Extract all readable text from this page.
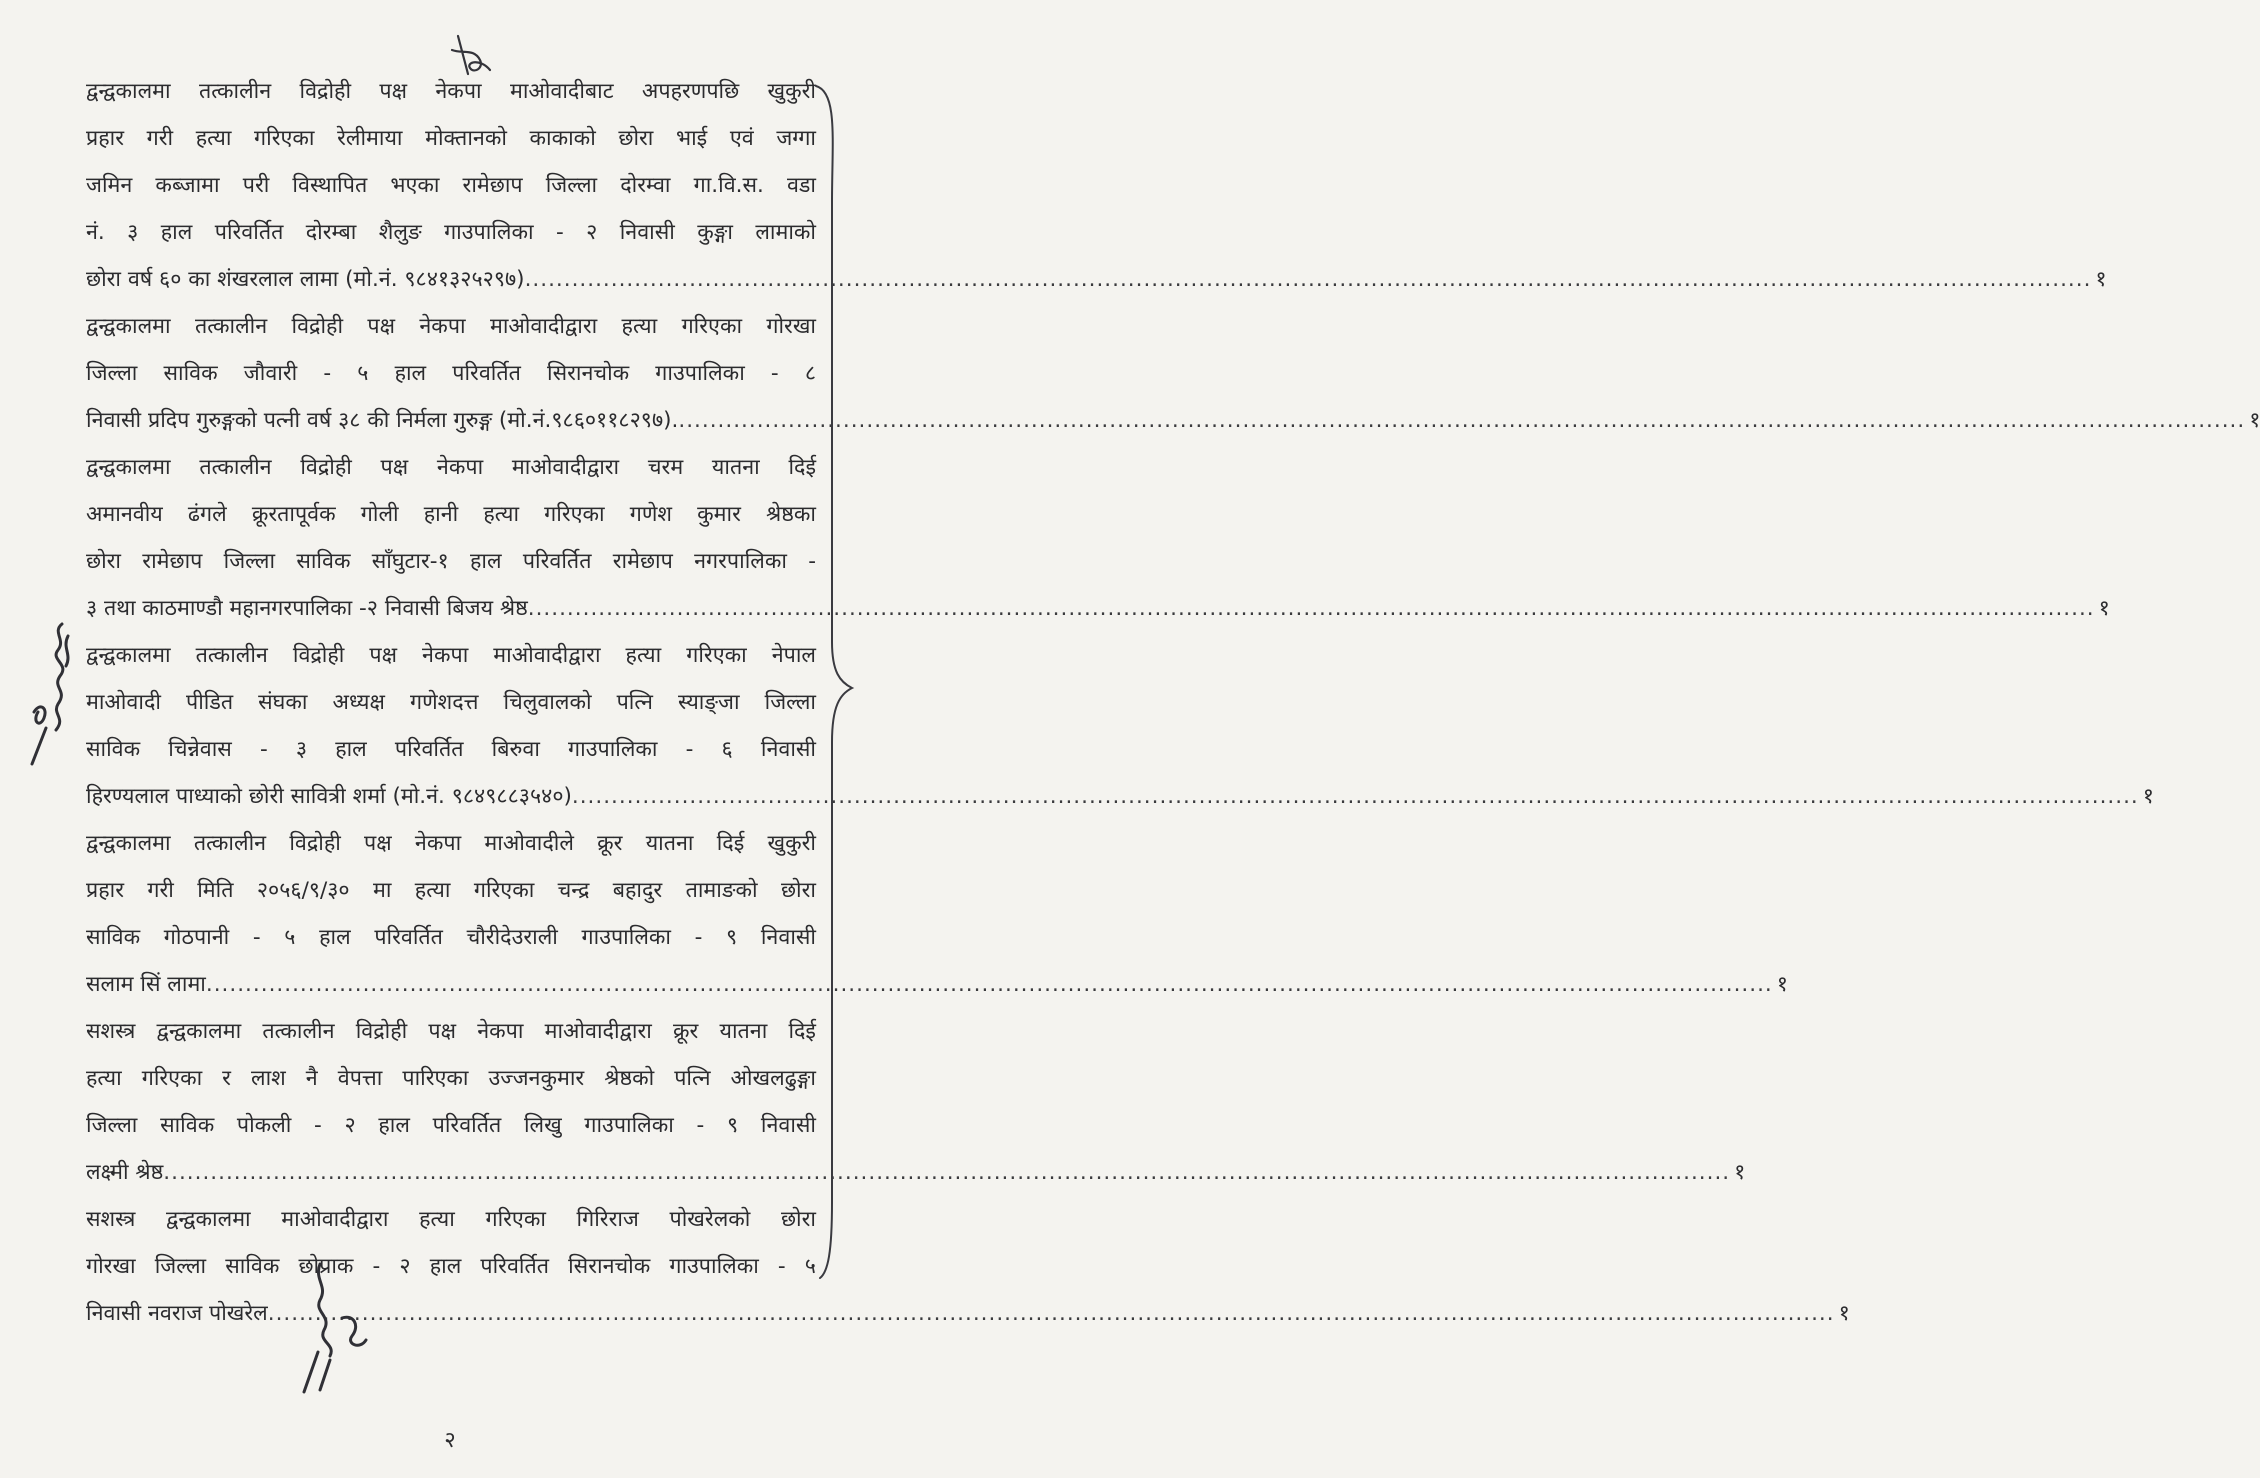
द्वन्द्वकालमा तत्कालीन विद्रोही पक्ष नेकपा माओवादीबाट अपहरणपछि खुकुरी
प्रहार गरी हत्या गरिएका रेलीमाया मोक्तानको काकाको छोरा भाई एवं जग्गा
जमिन कब्जामा परी विस्थापित भएका रामेछाप जिल्ला दोरम्वा गा.वि.स. वडा
नं. ३ हाल परिवर्तित दोरम्बा शैलुङ गाउपालिका - २ निवासी कुङ्गा लामाको
छोरा वर्ष ६० का शंखरलाल लामा (मो.नं. ९८४१३२५२९७) ........................................................................................................................................................................................................ १
द्वन्द्वकालमा तत्कालीन विद्रोही पक्ष नेकपा माओवादीद्वारा हत्या गरिएका गोरखा
जिल्ला साविक जौवारी - ५ हाल परिवर्तित सिरानचोक गाउपालिका - ८
निवासी प्रदिप गुरुङ्गको पत्नी वर्ष ३८ की निर्मला गुरुङ्ग (मो.नं.९८६०११८२९७). ........................................................................................................................................................................................................ १
द्वन्द्वकालमा तत्कालीन विद्रोही पक्ष नेकपा माओवादीद्वारा चरम यातना दिई
अमानवीय ढंगले क्रूरतापूर्वक गोली हानी हत्या गरिएका गणेश कुमार श्रेष्ठका
छोरा रामेछाप जिल्ला साविक साँघुटार-१ हाल परिवर्तित रामेछाप नगरपालिका -
३ तथा काठमाण्डौ महानगरपालिका -२ निवासी बिजय श्रेष्ठ ........................................................................................................................................................................................................ १
द्वन्द्वकालमा तत्कालीन विद्रोही पक्ष नेकपा माओवादीद्वारा हत्या गरिएका नेपाल
माओवादी पीडित संघका अध्यक्ष गणेशदत्त चिलुवालको पत्नि स्याङ्जा जिल्ला
साविक चिन्नेवास - ३ हाल परिवर्तित बिरुवा गाउपालिका - ६ निवासी
हिरण्यलाल पाध्याको छोरी सावित्री शर्मा (मो.नं. ९८४९८८३५४०) ........................................................................................................................................................................................................ १
द्वन्द्वकालमा तत्कालीन विद्रोही पक्ष नेकपा माओवादीले क्रूर यातना दिई खुकुरी
प्रहार गरी मिति २०५६/९/३० मा हत्या गरिएका चन्द्र बहादुर तामाङको छोरा
साविक गोठपानी - ५ हाल परिवर्तित चौरीदेउराली गाउपालिका - ९ निवासी
सलाम सिं लामा ........................................................................................................................................................................................................ १
सशस्त्र द्वन्द्वकालमा तत्कालीन विद्रोही पक्ष नेकपा माओवादीद्वारा क्रूर यातना दिई
हत्या गरिएका र लाश नै वेपत्ता पारिएका उज्जनकुमार श्रेष्ठको पत्नि ओखलढुङ्गा
जिल्ला साविक पोकली - २ हाल परिवर्तित लिखु गाउपालिका - ९ निवासी
लक्ष्मी श्रेष्ठ ........................................................................................................................................................................................................ १
सशस्त्र द्वन्द्वकालमा माओवादीद्वारा हत्या गरिएका गिरिराज पोखरेलको छोरा
गोरखा जिल्ला साविक छोप्राक - २ हाल परिवर्तित सिरानचोक गाउपालिका - ५
निवासी नवराज पोखरेल ........................................................................................................................................................................................................ १
२
